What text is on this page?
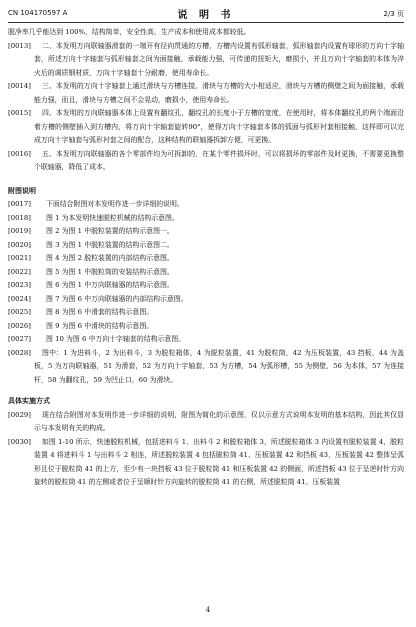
CN 104170597 A	说 明 书	2/3 页

脱净率几乎能达到 100%，结构简单，安全性高，生产成本和使用成本都较低。

[0013] 二、本发明万向联轴器滑套的一端开有径向贯通的方槽，方槽内设置有弧形轴套，弧形轴套内设置有球形的万向十字轴套，所述万向十字轴套与弧形轴套之间为面接触，承载能力强，可传递的扭矩大，磨损小，并且万向十字轴套的本体为淬火后的调质钢材质，万向十字轴套十分耐磨，使用寿命长。

[0014] 三、本发明的万向十字轴套上通过滑块与方槽连接，滑块与方槽的大小相适应，滑块与方槽的侧壁之间为面接触，承载能力强，而且，滑块与方槽之间不会晃动，磨损小，使用寿命长。

[0015] 四、本发明的万向联轴器本体上设置有翻纹孔，翻纹孔的长度小于方槽的宽度，在使用时，将本体翻纹孔的两个端面沿着方槽的侧壁插入到方槽内，将万向十字轴套旋转90°，使得万向十字轴套本体的弧面与弧形衬套相接触，这样即可以完成万向十字轴套与弧形衬套之间的配合，这种结构的联轴器拆卸方便，可更换。

[0016] 五、本发明万向联轴器的各个零部件均为可拆卸的，在某个零件损坏时，可以将损坏的零部件及时更换，不需要更换整个联轴器，降低了成本。

附图说明

[0017] 下面结合附图对本发明作进一步详细的说明。

[0018] 图 1 为本发明快速脱粒机械的结构示意图。

[0019] 图 2 为图 1 中脱粒装置的结构示意图一。

[0020] 图 3 为图 1 中脱粒装置的结构示意图二。

[0021] 图 4 为图 2 脱粒装置的内部结构示意图。

[0022] 图 5 为图 1 中脱粒筒的安装结构示意图。

[0023] 图 6 为图 1 中万向联轴器的结构示意图。

[0024] 图 7 为图 6 中万向联轴器的内部结构示意图。

[0025] 图 8 为图 6 中滑套的结构示意图。

[0026] 图 9 为图 6 中滑块的结构示意图。

[0027] 图 10 为图 6 中万向十字轴套的结构示意图。

[0028] 图中：1 为进料斗，2 为出料斗，3 为脱粒箱体，4 为脱粒装置，41 为脱粒筒，42 为压板装置，43 挡板，44 为盖板，5 为万向联轴器，51 为滑套，52 为万向十字轴套，53 为方槽，54 为弧形槽，55 为侧壁，56 为本体，57 为连接杆，58 为翻纹孔，59 为凹止口，60 为滑块。

具体实施方式

[0029] 现在结合附图对本发明作进一步详细的说明，附图为简化的示意图，仅以示意方式说明本发明的基本结构，因此其仅显示与本发明有关的构成。

[0030] 如图 1-10 所示，快速脱粒机械，包括进料斗 1、出料斗 2 和脱粒箱体 3，所述脱粒箱体 3 内设置有脱粒装置 4，脱粒装置 4 将进料斗 1 与出料斗 2 相连，所述脱粒装置 4 包括脱粒筒 41、压板装置 42 和挡板 43，压板装置 42 整体呈弧形且位于脱粒筒 41 的上方，至少有一块挡板 43 位于脱粒筒 41 和压板装置 42 的侧面，所述挡板 43 位于呈逆时针方向旋转的脱粒筒 41 的左侧或者位于呈顺时针方向旋转的脱粒筒 41 的右侧，所述脱粒筒 41、压板装置

4
